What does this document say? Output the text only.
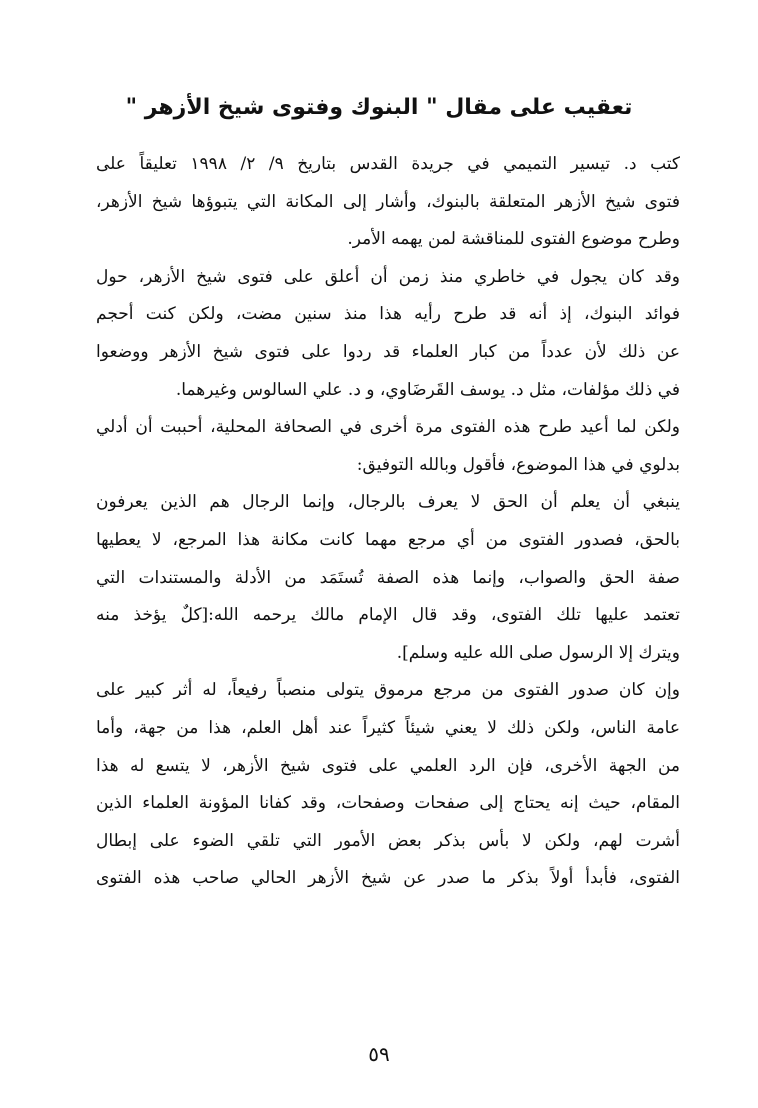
تعقيب على مقال " البنوك وفتوى شيخ الأزهر "
كتب د. تيسير التميمي في جريدة القدس بتاريخ ٩/ ٢/ ١٩٩٨ تعليقاً على
فتوى شيخ الأزهر المتعلقة بالبنوك، وأشار إلى المكانة التي يتبوؤها شيخ الأزهر،
وطرح موضوع الفتوى للمناقشة لمن يهمه الأمر.
وقد كان يجول في خاطري منذ زمن أن أعلق على فتوى شيخ الأزهر، حول
فوائد البنوك، إذ أنه قد طرح رأيه هذا منذ سنين مضت، ولكن كنت أحجم
عن ذلك لأن عدداً من كبار العلماء قد ردوا على فتوى شيخ الأزهر ووضعوا
في ذلك مؤلفات، مثل د. يوسف القَرضَاوي، و د. علي السالوس وغيرهما.
ولكن لما أعيد طرح هذه الفتوى مرة أخرى في الصحافة المحلية، أحببت أن أدلي
بدلوي في هذا الموضوع، فأقول وبالله التوفيق:
ينبغي أن يعلم أن الحق لا يعرف بالرجال، وإنما الرجال هم الذين يعرفون
بالحق، فصدور الفتوى من أي مرجع مهما كانت مكانة هذا المرجع، لا يعطيها
صفة الحق والصواب، وإنما هذه الصفة تُستَمَد من الأدلة والمستندات التي
تعتمد عليها تلك الفتوى، وقد قال الإمام مالك يرحمه الله:[كلٌ يؤخذ منه
ويترك إلا الرسول صلى الله عليه وسلم].
وإن كان صدور الفتوى من مرجع مرموق يتولى منصباً رفيعاً، له أثر كبير على
عامة الناس، ولكن ذلك لا يعني شيئاً كثيراً عند أهل العلم، هذا من جهة، وأما
من الجهة الأخرى، فإن الرد العلمي على فتوى شيخ الأزهر، لا يتسع له هذا
المقام، حيث إنه يحتاج إلى صفحات وصفحات، وقد كفانا المؤونة العلماء الذين
أشرت لهم، ولكن لا بأس بذكر بعض الأمور التي تلقي الضوء على إبطال
الفتوى، فأبدأ أولاً بذكر ما صدر عن شيخ الأزهر الحالي صاحب هذه الفتوى
٥٩
